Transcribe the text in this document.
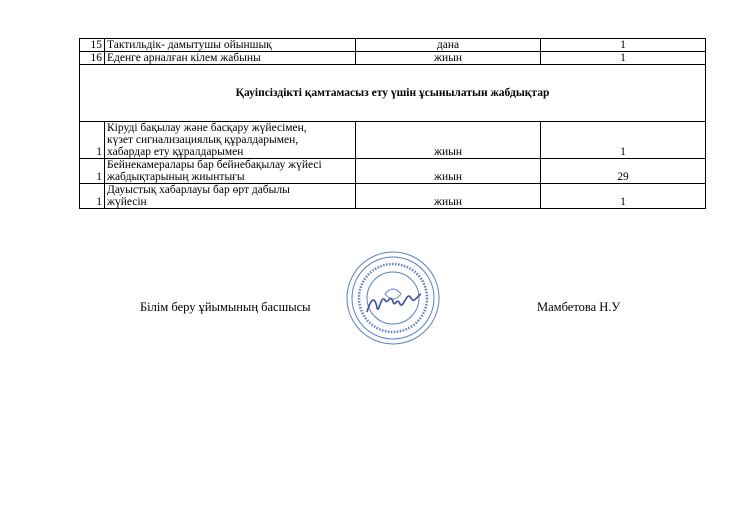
15	Тактильдік- дамытушы ойыншық	дана	1
16	Еденге арналған кілем жабыны	жиын	1
Қауіпсіздікті қамтамасыз ету үшін ұсынылатын жабдықтар			
1	Кіруді бақылау және басқару жүйесімен,
күзет сигнализациялық құралдарымен,
хабардар ету құралдарымен	жиын	1
1	Бейнекамералары бар бейнебақылау жүйесі
жабдықтарының жиынтығы	жиын	29
1	Дауыстық хабарлауы бар өрт дабылы
жүйесін	жиын	1
Білім беру ұйымының басшысы	Мамбетова Н.У
